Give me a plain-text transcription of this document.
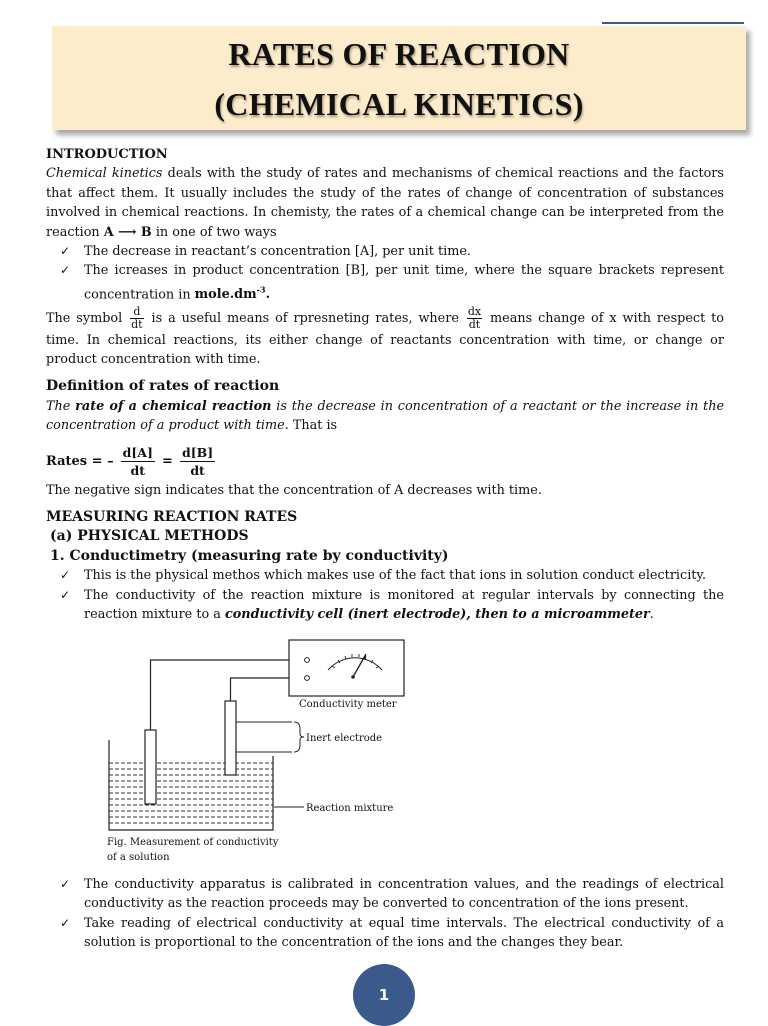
RATES OF REACTION
(CHEMICAL KINETICS)

INTRODUCTION

Chemical kinetics deals with the study of rates and mechanisms of chemical reactions and the factors that affect them. It usually includes the study of the rates of change of concentration of substances involved in chemical reactions. In chemisty, the rates of a chemical change can be interpreted from the reaction A ⟶ B in one of two ways

✓ The decrease in reactant’s concentration [A], per unit time.
✓ The icreases in product concentration [B], per unit time, where the square brackets represent concentration in $mole.dm^{-3}$.

The symbol $\frac{d}{dt}$ is a useful means of rpresneting rates, where $\frac{dx}{dt}$ means change of x with respect to time. In chemical reactions, its either change of reactants concentration with time, or change or product concentration with time.

Definition of rates of reaction

The rate of a chemical reaction is the decrease in concentration of a reactant or the increase in the concentration of a product with time. That is

Rates = – $\frac{d[A]}{dt} = \frac{d[B]}{dt}$

The negative sign indicates that the concentration of A decreases with time.

MEASURING REACTION RATES

(a) PHYSICAL METHODS

1. Conductimetry (measuring rate by conductivity)

✓ This is the physical methos which makes use of the fact that ions in solution conduct electricity.
✓ The conductivity of the reaction mixture is monitored at regular intervals by connecting the reaction mixture to a conductivity cell (inert electrode), then to a microammeter.
Conductivity meter
Inert electrode
Reaction mixture
Fig. Measurement of conductivity
of a solution
✓ The conductivity apparatus is calibrated in concentration values, and the readings of electrical conductivity as the reaction proceeds may be converted to concentration of the ions present.
✓ Take reading of electrical conductivity at equal time intervals. The electrical conductivity of a solution is proportional to the concentration of the ions and the changes they bear.
1
